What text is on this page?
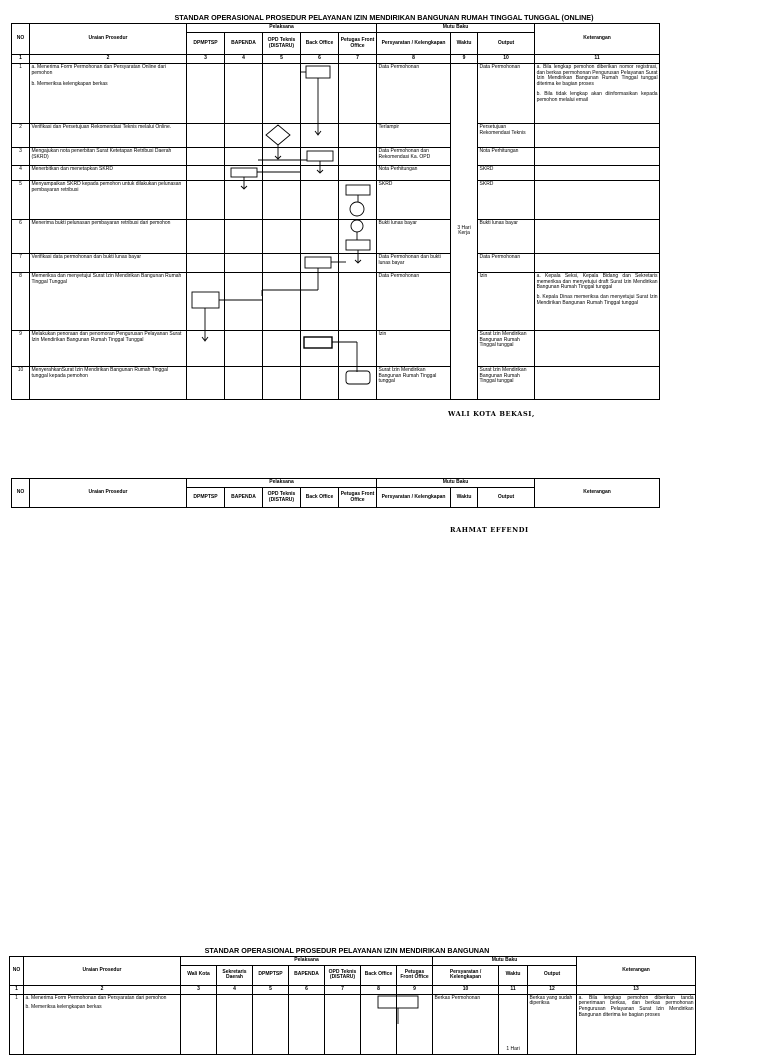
STANDAR OPERASIONAL PROSEDUR PELAYANAN IZIN MENDIRIKAN BANGUNAN RUMAH TINGGAL TUNGGAL (ONLINE)
NO	Uraian Prosedur	Pelaksana					Mutu Baku			Keterangan
		DPMPTSP	BAPENDA	OPD Teknis (DISTARU)	Back Office	Petugas Front Office	Persyaratan / Kelengkapan	Waktu	Output	
1	2	3	4	5	6	7	8	9	10	11
1	a. Menerima Form Permohonan dan Persyaratan Online dari pemohon
b. Memeriksa kelengkapan berkas						Data Permohonan	3 Hari Kerja	Data Permohonan	a. Bila lengkap pemohon diberikan nomor registrasi, dan berkas permohonan Pengurusan Pelayanan Surat Izin Mendirikan Bangunan Rumah Tinggal tunggal diterima ke bagian proses
b. Bila tidak lengkap akan diinformasikan kepada pemohon melalui email

2	Verifikasi dan Persetujuan Rekomendasi Teknis melalui Online.						Terlampir		Persetujuan Rekomendasi Teknis	
3	Mengajukan nota penerbitan Surat Ketetapan Retribusi Daerah (SKRD)						Data Permohonan dan Rekomendasi Ka. OPD		Nota Perhitungan	
4	Menerbitkan dan menetapkan SKRD						Nota Perhitungan		SKRD	
5	Menyampaikan SKRD kepada pemohon untuk dilakukan pelunasan pembayaran retribusi						SKRD		SKRD	
6	Menerima bukti pelunasan pembayaran retribusi dari pemohon						Bukti lunas bayar		Bukti lunas bayar	
7	Verifikasi data permohonan dan bukti lunas bayar						Data Permohonan dan bukti lunas bayar		Data Permohonan	
8	Memeriksa dan menyetujui Surat Izin Mendirikan Bangunan Rumah Tinggal Tunggal						Data Permohonan		Izin	a. Kepala Seksi, Kepala Bidang dan Sekretaris memeriksa dan menyetujui draft Surat Izin Mendirikan Bangunan Rumah Tinggal tunggal
b. Kepala Dinas memeriksa dan menyetujui Surat Izin Mendirikan Bangunan Rumah Tinggal tunggal

9	Melakukan penoraan dan penomoran Pengurusan Pelayanan Surat Izin Mendirikan Bangunan Rumah Tinggal Tunggal						Izin		Surat Izin Mendirikan Bangunan Rumah Tinggal tunggal	
10	MenyerahkanSurat Izin Mendirikan Bangunan Rumah Tinggal tunggal kepada pemohon						Surat Izin Mendirikan Bangunan Rumah Tinggal tunggal		Surat Izin Mendirikan Bangunan Rumah Tinggal tunggal	
WALI KOTA BEKASI,
NO	Uraian Prosedur	Pelaksana					Mutu Baku			Keterangan
		DPMPTSP	BAPENDA	OPD Teknis (DISTARU)	Back Office	Petugas Front Office	Persyaratan / Kelengkapan	Waktu	Output	
RAHMAT EFFENDI
STANDAR OPERASIONAL PROSEDUR PELAYANAN IZIN MENDIRIKAN BANGUNAN
NO	Uraian Prosedur	Pelaksana							Mutu Baku			Keterangan
		Wali Kota	Sekretaris Daerah	DPMPTSP	BAPENDA	OPD Teknis (DISTARU)	Back Office	Petugas Front Office	Persyaratan / Kelengkapan	Waktu	Output	
1	2	3	4	5	6	7	8	9	10	11	12	13
1	a. Menerima Form Permohonan dan Persyaratan dari pemohon
b. Memeriksa kelengkapan berkas								Berkas Permohonan	1 Hari	Berkas yang sudah diperiksa	a. Bila lengkap pemohon diberikan tanda penerimaan berkas, dan berkas permohonan Pengurusan Pelayanan Surat Izin Mendirikan Bangunan diterima ke bagian proses
